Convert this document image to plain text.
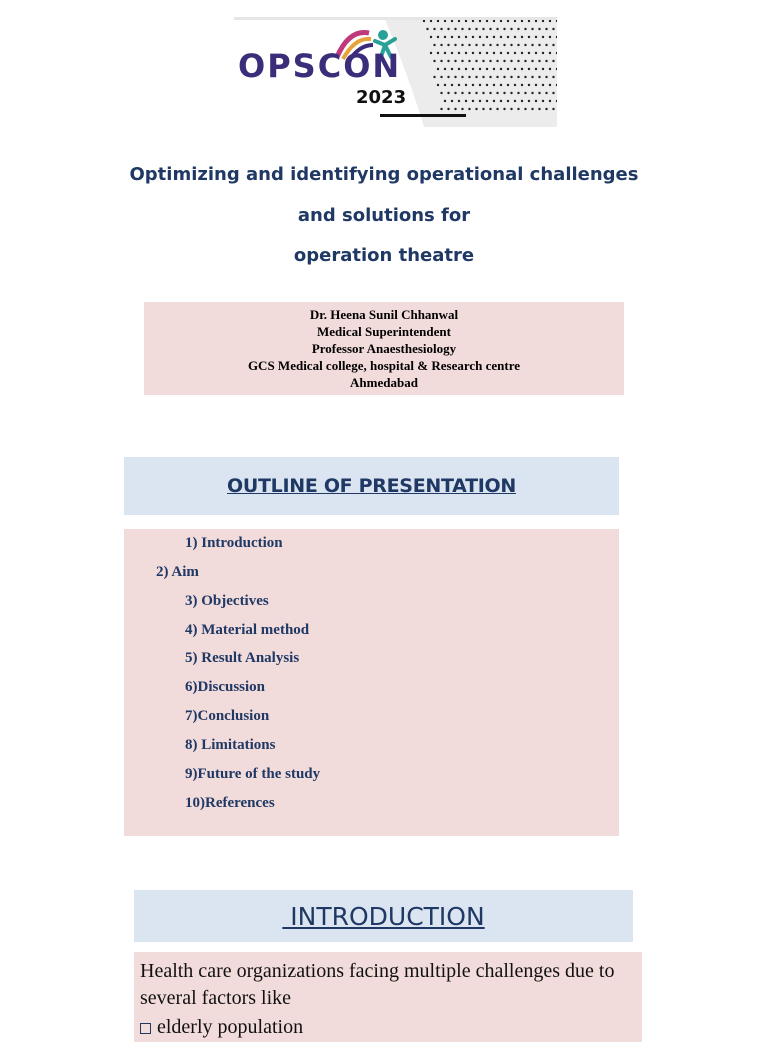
OPSCON
2023
Optimizing and identifying operational challenges
and solutions for
operation theatre
Dr. Heena Sunil Chhanwal
Medical Superintendent
Professor Anaesthesiology
GCS Medical college, hospital & Research centre
Ahmedabad
OUTLINE OF PRESENTATION
1) Introduction
2) Aim
3) Objectives
4) Material method
5) Result Analysis
6)Discussion
7)Conclusion
8) Limitations
9)Future of the study
10)References
INTRODUCTION
Health care organizations facing multiple challenges due to several factors like
elderly population
